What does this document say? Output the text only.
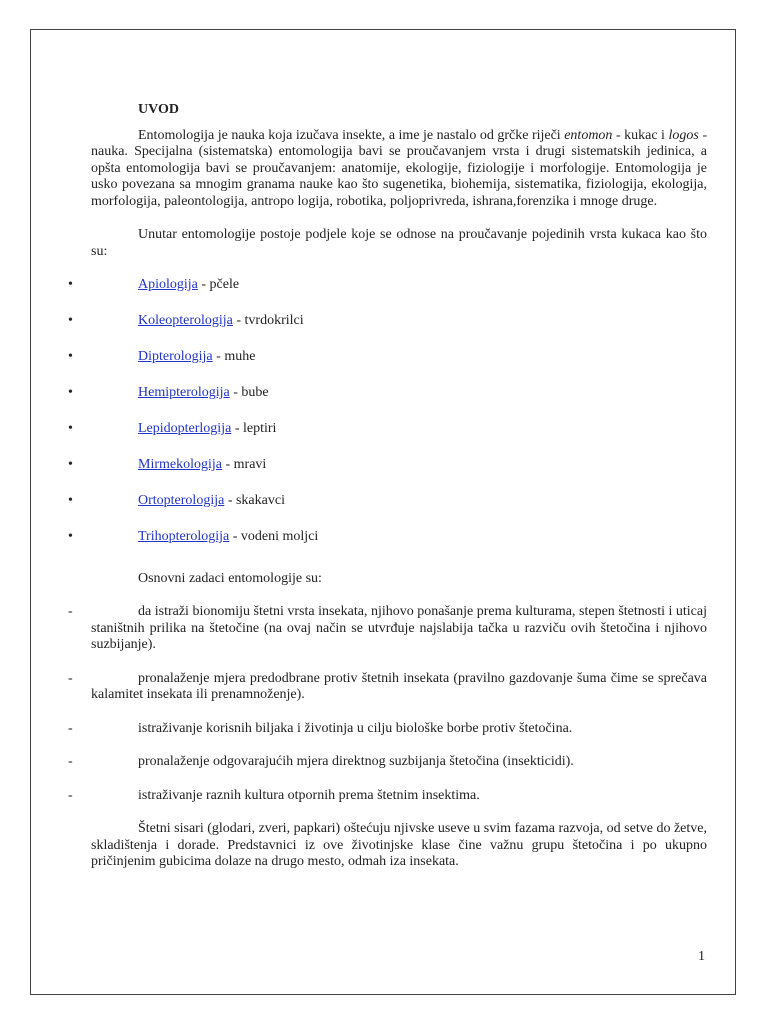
UVOD

Entomologija je nauka koja izučava insekte, a ime je nastalo od grčke riječi entomon - kukac i logos - nauka. Specijalna (sistematska) entomologija bavi se proučavanjem vrsta i drugi sistematskih jedinica, a opšta entomologija bavi se proučavanjem: anatomije, ekologije, fiziologije i morfologije. Entomologija je usko povezana sa mnogim granama nauke kao što sugenetika, biohemija, sistematika, fiziologija, ekologija, morfologija, paleontologija, antropo logija, robotika, poljoprivreda, ishrana,forenzika i mnoge druge.

Unutar entomologije postoje podjele koje se odnose na proučavanje pojedinih vrsta kukaca kao što su:

•	Apiologija - pčele
•	Koleopterologija - tvrdokrilci
•	Dipterologija - muhe
•	Hemipterologija - bube
•	Lepidopterlogija - leptiri
•	Mirmekologija - mravi
•	Ortopterologija - skakavci
•	Trihopterologija - vodeni moljci

Osnovni zadaci entomologije su:

-	da istraži bionomiju štetni vrsta insekata, njihovo ponašanje prema kulturama, stepen štetnosti i uticaj staništnih prilika na štetočine (na ovaj način se utvrđuje najslabija tačka u razviču ovih štetočina i njihovo suzbijanje).
-	pronalaženje mjera predodbrane protiv štetnih insekata (pravilno gazdovanje šuma čime se sprečava kalamitet insekata ili prenamnoženje).
-	istraživanje korisnih biljaka i životinja u cilju biološke borbe protiv štetočina.
-	pronalaženje odgovarajućih mjera direktnog suzbijanja štetočina (insekticidi).
-	istraživanje raznih kultura otpornih prema štetnim insektima.

Štetni sisari (glodari, zveri, papkari) oštećuju njivske useve u svim fazama razvoja, od setve do žetve, skladištenja i dorade. Predstavnici iz ove životinjske klase čine važnu grupu štetočina i po ukupno pričinjenim gubicima dolaze na drugo mesto, odmah iza insekata.

1
